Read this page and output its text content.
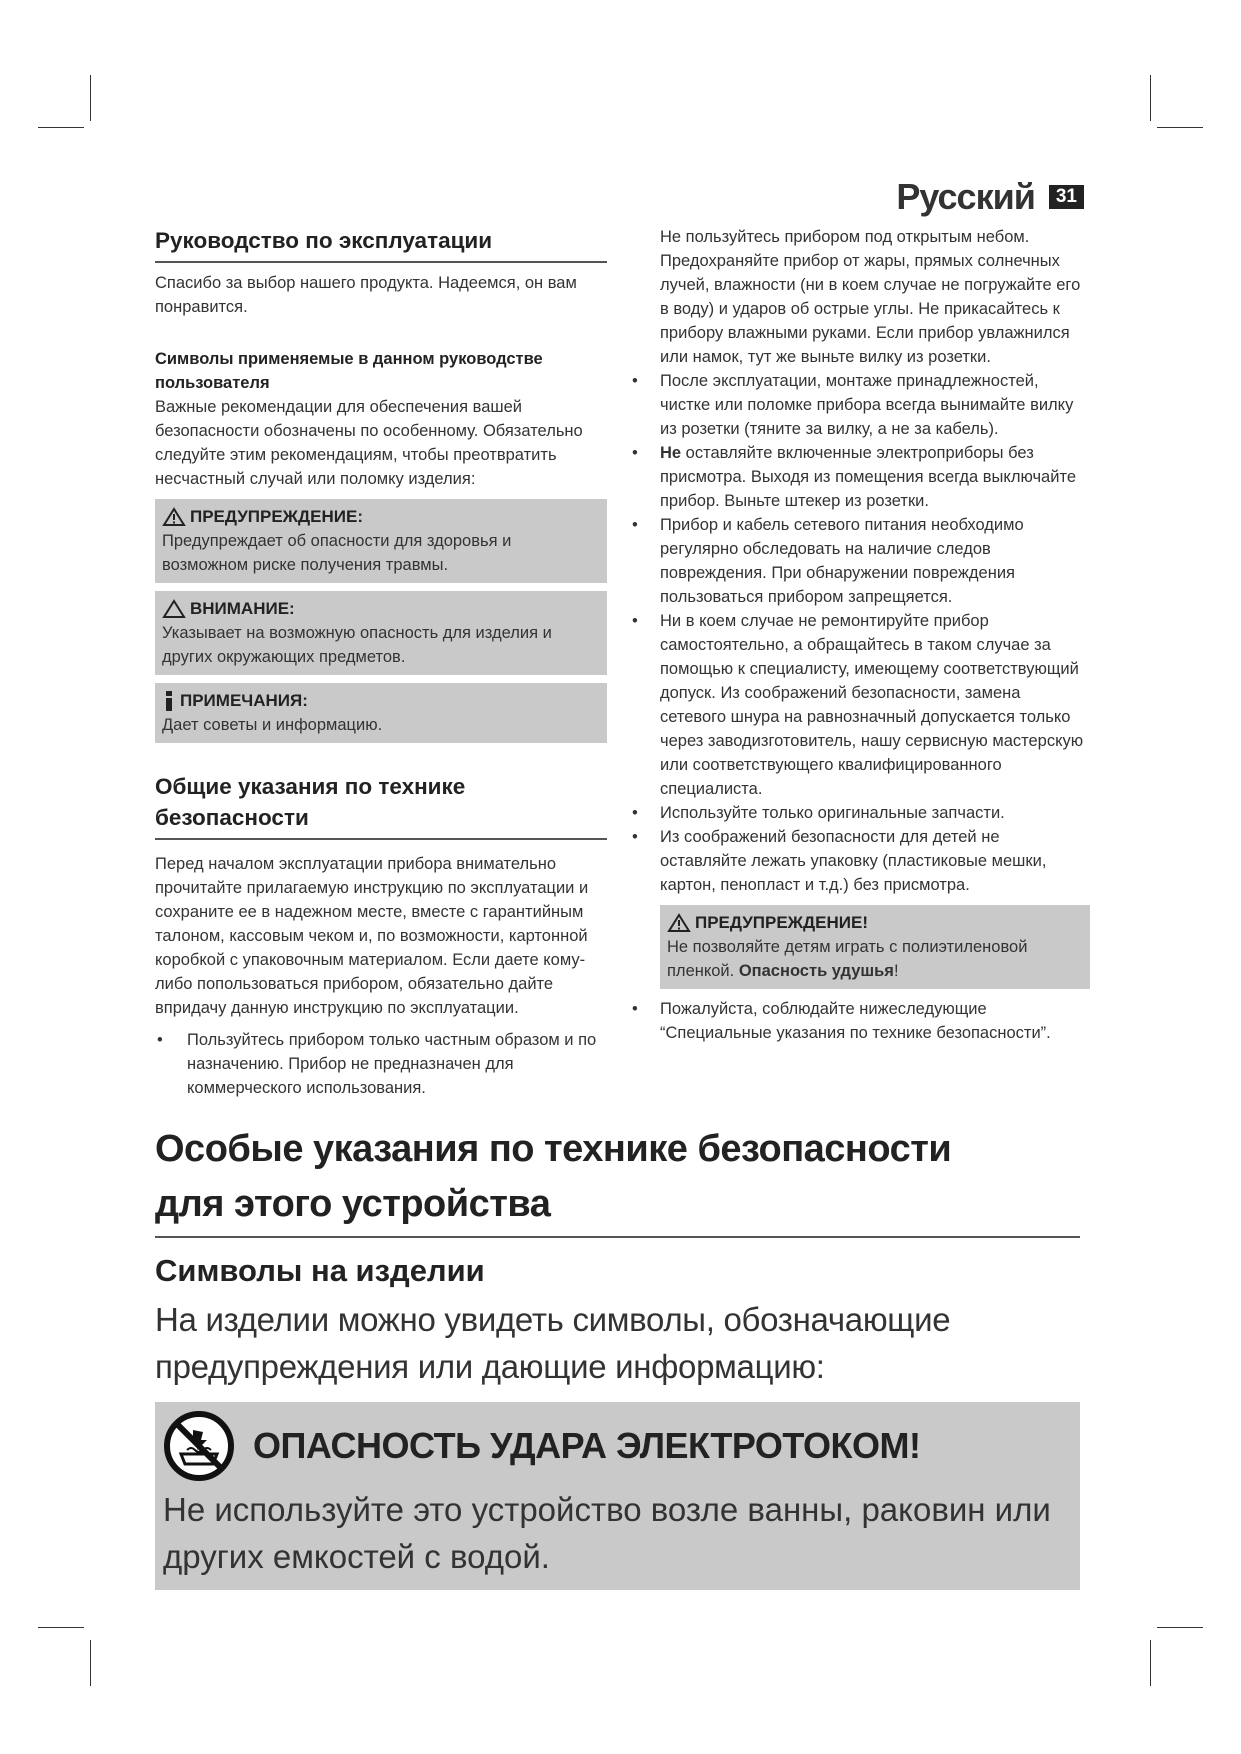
Русский	31
Руководство по эксплуатации

Спасибо за выбор нашего продукта. Надеемся, он вам понравится.

Символы применяемые в данном руководстве пользователя

Важные рекомендации для обеспечения вашей безопасности обозначены по особенному. Обязательно следуйте этим рекомендациям, чтобы преотвратить несчастный случай или поломку изделия:

ПРЕДУПРЕЖДЕНИЕ:

Предупреждает об опасности для здоровья и возможном риске получения травмы.

ВНИМАНИЕ:

Указывает на возможную опасность для изделия и других окружающих предметов.

ПРИМЕЧАНИЯ:

Дает советы и информацию.

Общие указания по технике безопасности

Перед началом эксплуатации прибора внимательно прочитайте прилагаемую инструкцию по эксплуатации и сохраните ее в надежном месте, вместе с гарантийным талоном, кассовым чеком и, по возможности, картонной коробкой с упаковочным материалом. Если даете кому-либо попользоваться прибором, обязательно дайте впридачу данную инструкцию по эксплуатации.

• Пользуйтесь прибором только частным образом и по назначению. Прибор не предназначен для коммерческого использования.

Не пользуйтесь прибором под открытым небом. Предохраняйте прибор от жары, прямых солнечных лучей, влажности (ни в коем случае не погружайте его в воду) и ударов об острые углы. Не прикасайтесь к прибору влажными руками. Если прибор увлажнился или намок, тут же выньте вилку из розетки.

• После эксплуатации, монтаже принадлежностей, чистке или поломке прибора всегда вынимайте вилку из розетки (тяните за вилку, а не за кабель).
• Не оставляйте включенные электроприборы без присмотра. Выходя из помещения всегда выключайте прибор. Выньте штекер из розетки.
• Прибор и кабель сетевого питания необходимо регулярно обследовать на наличие следов повреждения. При обнаружении повреждения пользоваться прибором запрещяется.
• Ни в коем случае не ремонтируйте прибор самостоятельно, а обращайтесь в таком случае за помощью к специалисту, имеющему соответствующий допуск. Из соображений безопасности, замена сетевого шнура на равнозначный допускается только через заводизготовитель, нашу сервисную мастерскую или соответствующего квалифицированного специалиста.
• Используйте только оригинальные запчасти.
• Из соображений безопасности для детей не оставляйте лежать упаковку (пластиковые мешки, картон, пенопласт и т.д.) без присмотра.
ПРЕДУПРЕЖДЕНИЕ!

Не позволяйте детям играть с полиэтиленовой пленкой. Опасность удушья!

• Пожалуйста, соблюдайте нижеследующие “Специальные указания по технике безопасности”.
Особые указания по технике безопасности
для этого устройства
Символы на изделии

На изделии можно увидеть символы, обозначающие предупреждения или дающие информацию:

ОПАСНОСТЬ УДАРА ЭЛЕКТРОТОКОМ!

Не используйте это устройство возле ванны, раковин или других емкостей с водой.
